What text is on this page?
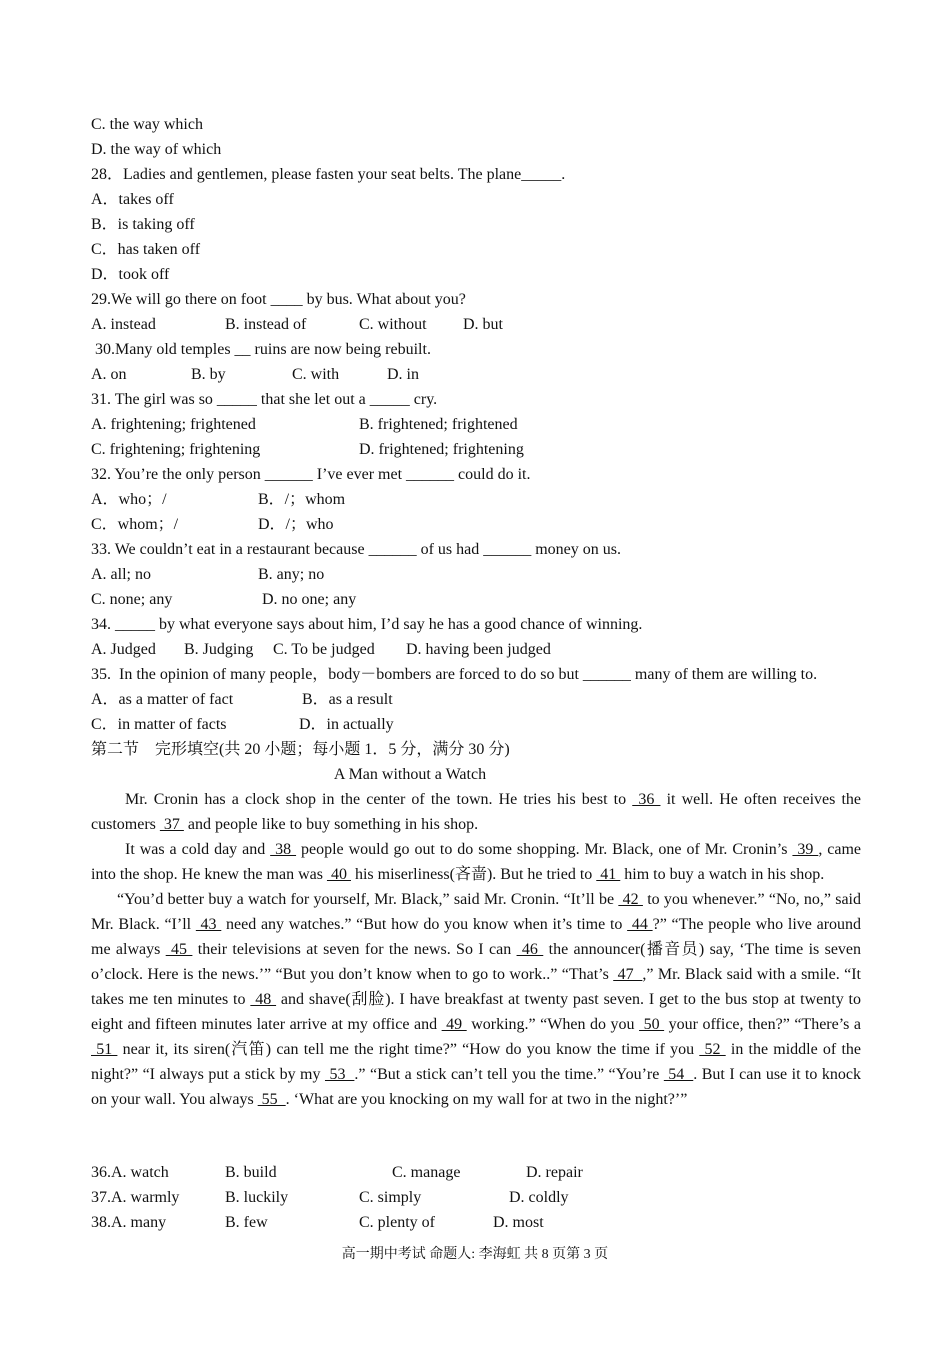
C. the way which
D. the way of which
28．Ladies and gentlemen, please fasten your seat belts. The plane_____.
A．takes off
B．is taking off
C．has taken off
D．took off
29.We will go there on foot ____ by bus. What about you?

A. instead

	B. instead of

	C. without

D. but

30.Many old temples __ ruins are now being rebuilt.

A. on

	B. by

	C. with

	D. in

31. The girl was so _____ that she let out a _____ cry.

A. frightening; frightened

	B. frightened; frightened

C. frightening; frightening

	D. frightened; frightening

32. You’re the only person ______ I’ve ever met ______ could do it.

A．who；/

	B．/；whom

C．whom；/

	D．/；who

33. We couldn’t eat in a restaurant because ______ of us had ______ money on us.

A. all; no

	B. any; no

C. none; any

	D. no one; any

34. _____ by what everyone says about him, I’d say he has a good chance of winning.

A. Judged

B. Judging

C. To be judged

D. having been judged

35.  In the opinion of many people，body－bombers are forced to do so but ______ many of them are willing to.

A．as a matter of fact

	B．as a result

C．in matter of facts

	D．in actually

第二节　完形填空(共 20 小题；每小题 1．5 分，满分 30 分)
A Man without a Watch

Mr. Cronin has a clock shop in the center of the town. He tries his best to  36  it well. He often receives the customers  37  and people like to buy something in his shop.

It was a cold day and  38  people would go out to do some shopping. Mr. Black, one of Mr. Cronin’s  39 , came into the shop. He knew the man was  40  his miserliness(吝啬). But he tried to  41  him to buy a watch in his shop.

“You’d better buy a watch for yourself, Mr. Black,” said Mr. Cronin. “It’ll be  42  to you whenever.” “No, no,” said Mr. Black. “I’ll  43  need any watches.” “But how do you know when it’s time to  44 ?” “The people who live around me always  45  their televisions at seven for the news. So I can  46  the announcer(播音员) say, ‘The time is seven o’clock. Here is the news.’” “But you don’t know when to go to work..” “That’s  47  ,” Mr. Black said with a smile. “It takes me ten minutes to  48  and shave(刮脸). I have breakfast at twenty past seven. I get to the bus stop at twenty to eight and fifteen minutes later arrive at my office and  49  working.” “When do you  50  your office, then?” “There’s a  51  near it, its siren(汽笛) can tell me the right time?” “How do you know the time if you  52  in the middle of the night?” “I always put a stick by my  53  .” “But a stick can’t tell you the time.” “You’re  54  . But I can use it to knock on your wall. You always  55  . ‘What are you knocking on my wall for at two in the night?’”

36.A. watch

	B. build

	C. manage

	D. repair

37.A. warmly

	B. luckily

	C. simply

	D. coldly

38.A. many

	B. few

	C. plenty of

	D. most

高一期中考试 命题人: 李海虹 共 8 页第 3 页
